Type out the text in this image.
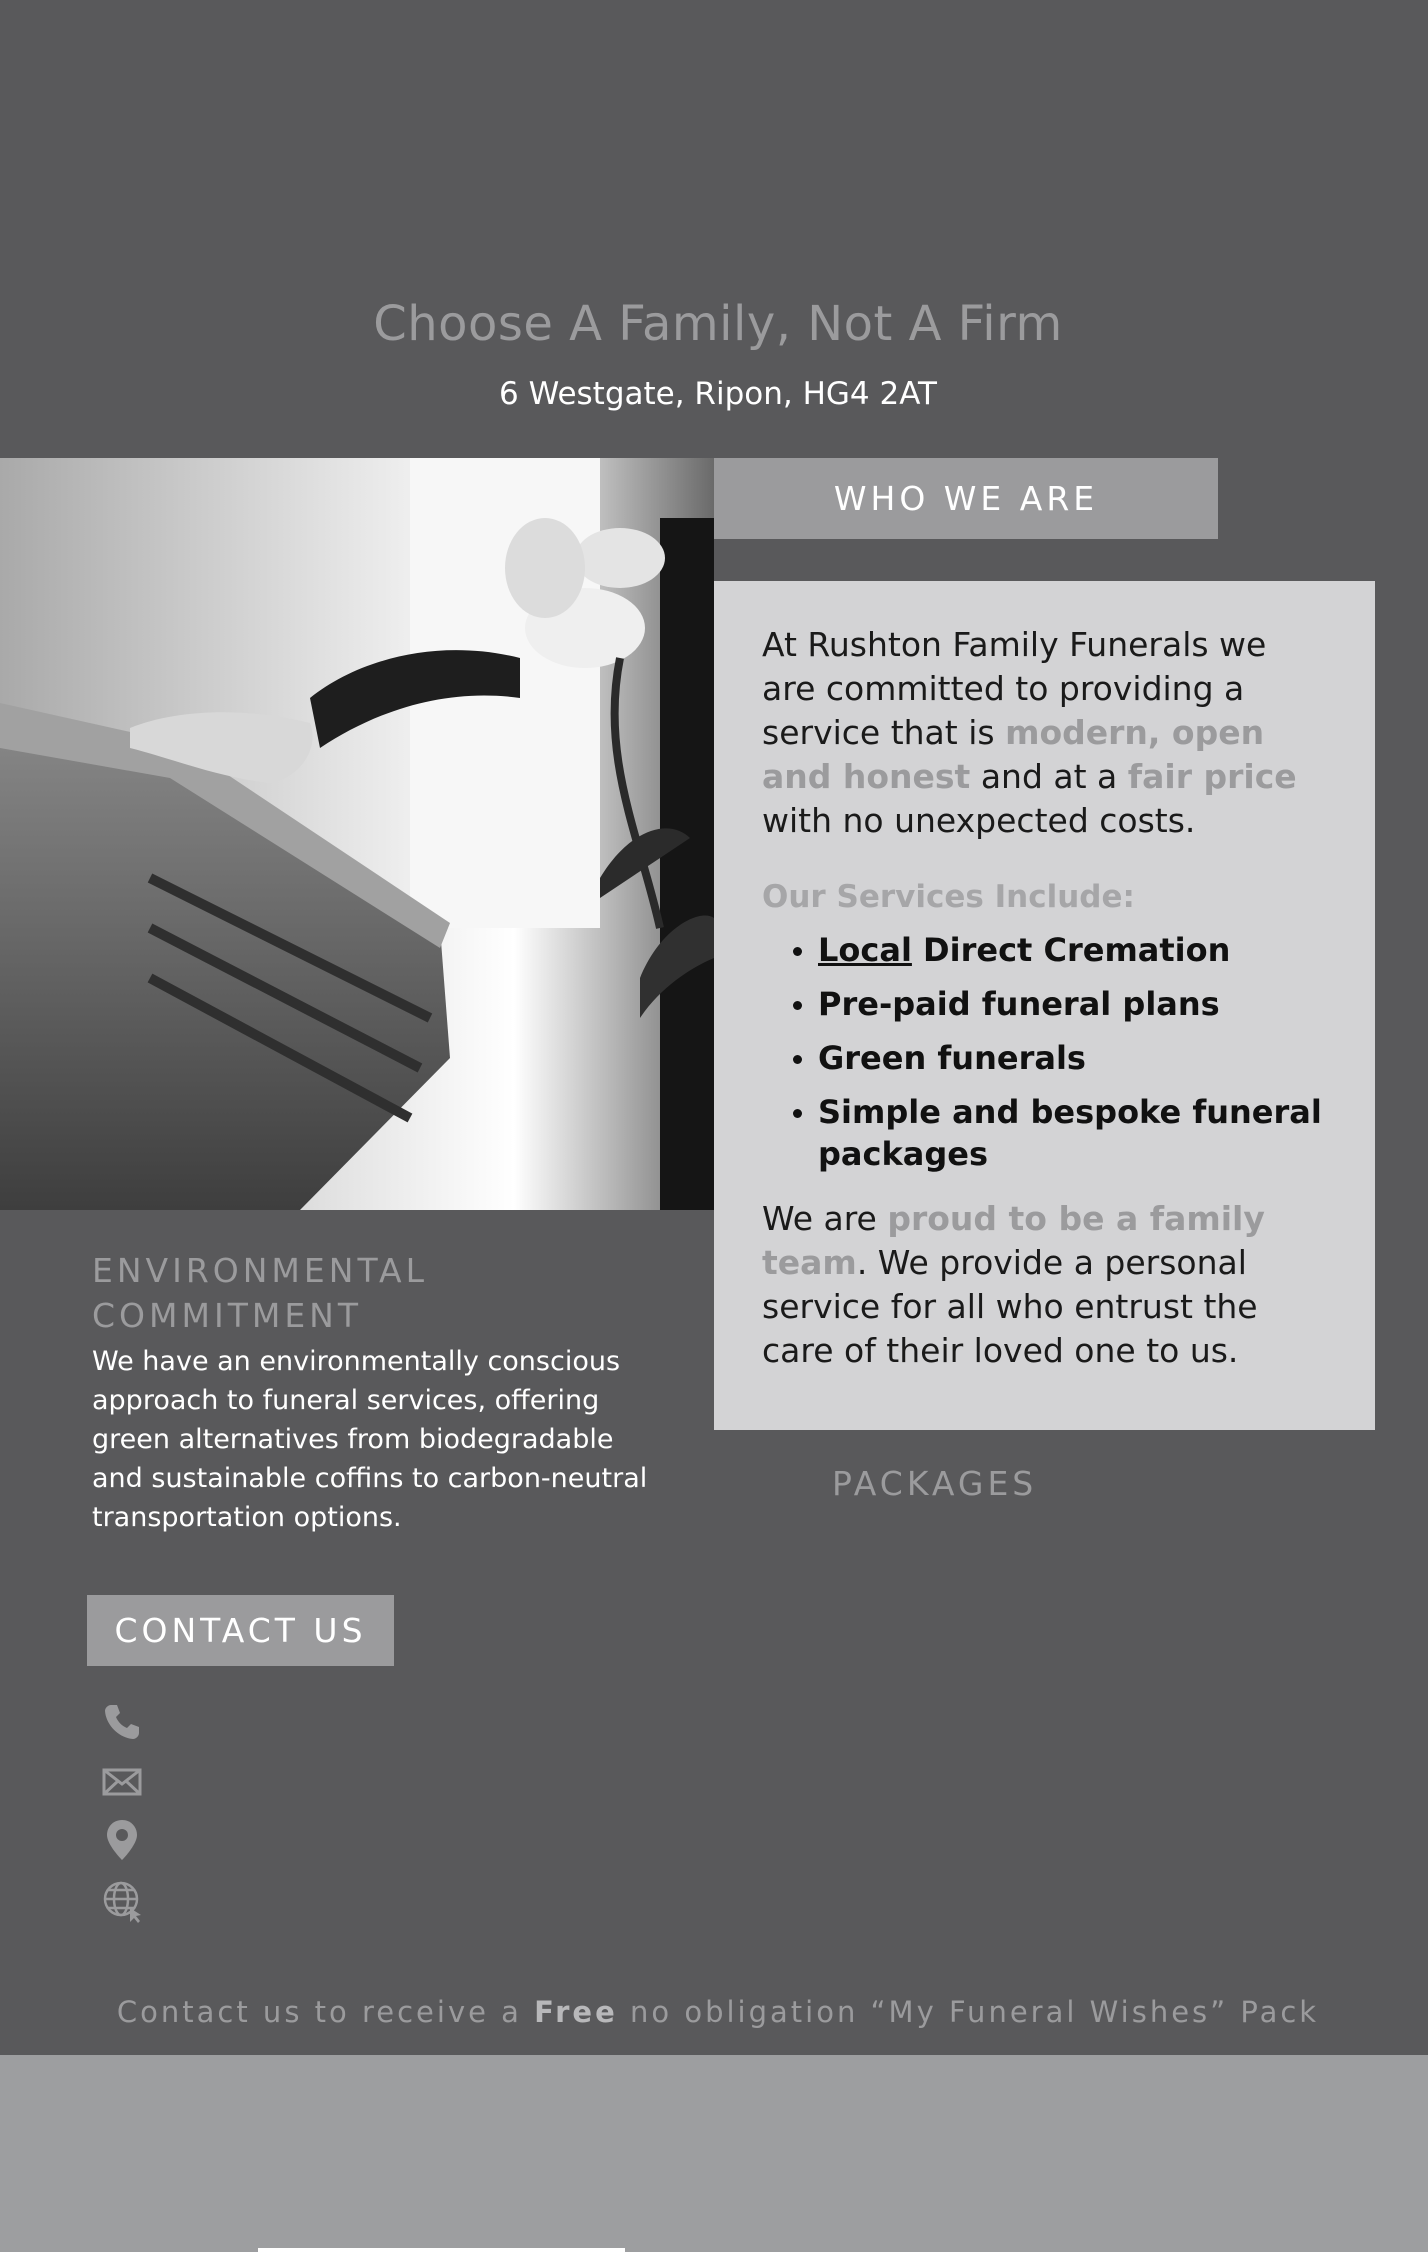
Choose A Family, Not A Firm
6 Westgate, Ripon, HG4 2AT
WHO WE ARE

At Rushton Family Funerals we are committed to providing a service that is modern, open and honest and at a fair price with no unexpected costs.

Our Services Include:
• Local Direct Cremation
• Pre-paid funeral plans
• Green funerals
• Simple and bespoke funeral packages

We are proud to be a family team. We provide a personal service for all who entrust the care of their loved one to us.

ENVIRONMENTAL COMMITMENT
We have an environmentally conscious approach to funeral services, offering green alternatives from biodegradable and sustainable coffins to carbon-neutral transportation options.
PACKAGES
CONTACT US
Contact us to receive a Free no obligation “My Funeral Wishes” Pack
